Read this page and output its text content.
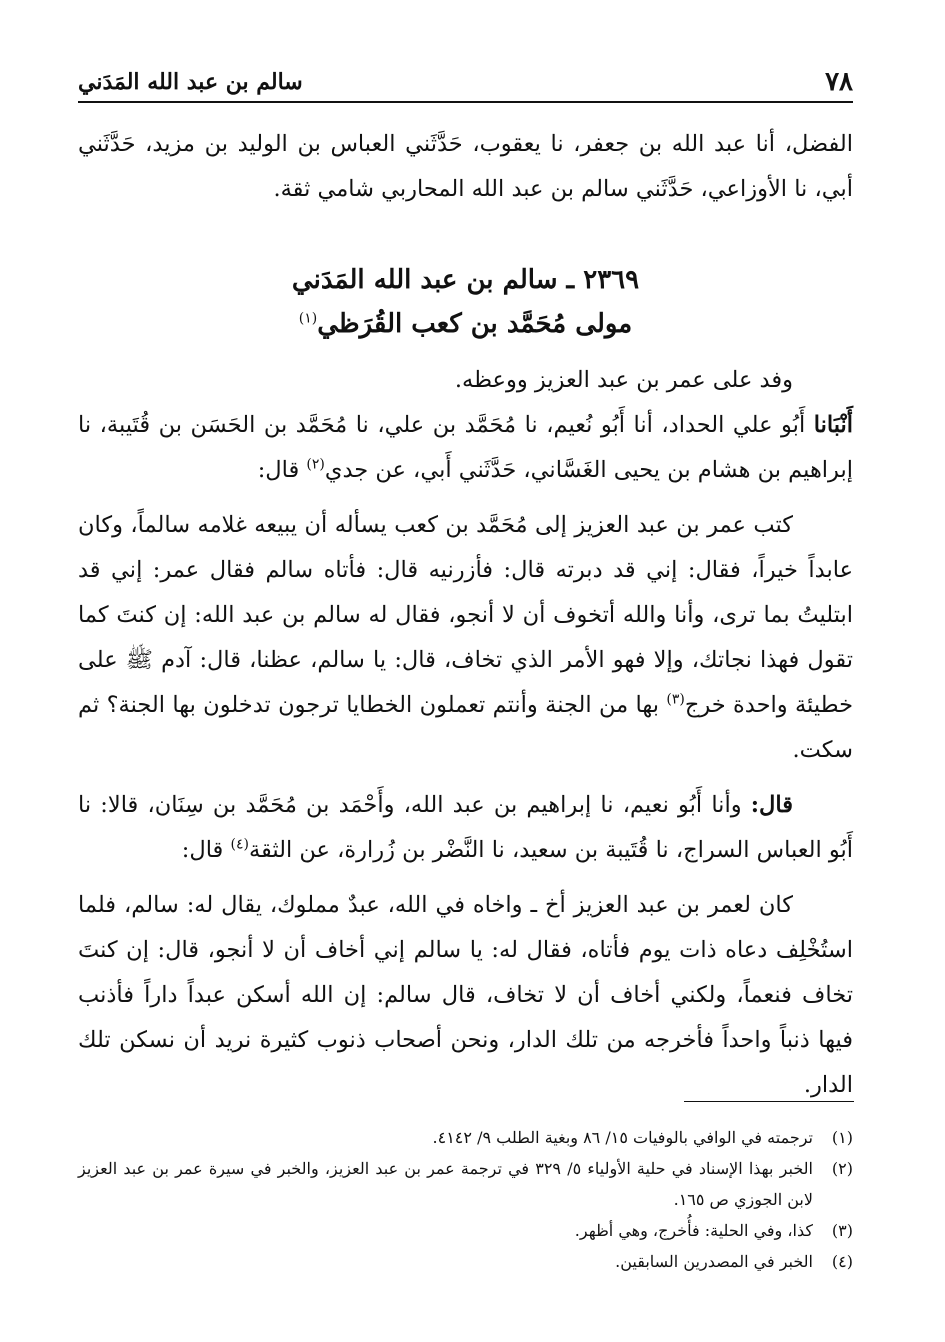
٧٨
سالم بن عبد الله المَدَني

الفضل، أنا عبد الله بن جعفر، نا يعقوب، حَدَّثَني العباس بن الوليد بن مزيد، حَدَّثَني أبي، نا الأوزاعي، حَدَّثَني سالم بن عبد الله المحاربي شامي ثقة.

٢٣٦٩ ـ سالم بن عبد الله المَدَني
مولى مُحَمَّد بن كعب القُرَظي$^{(١)}$

وفد على عمر بن عبد العزيز ووعظه.

أَنْبَانا أَبُو علي الحداد، أنا أَبُو نُعيم، نا مُحَمَّد بن علي، نا مُحَمَّد بن الحَسَن بن قُتَيبة، نا إبراهيم بن هشام بن يحيى الغَسَّاني، حَدَّثَني أَبي، عن جدي$^{(٢)}$ قال:

كتب عمر بن عبد العزيز إلى مُحَمَّد بن كعب يسأله أن يبيعه غلامه سالماً، وكان عابداً خيراً، فقال: إني قد دبرته قال: فأزرنيه قال: فأتاه سالم فقال عمر: إني قد ابتليتُ بما ترى، وأنا والله أتخوف أن لا أنجو، فقال له سالم بن عبد الله: إن كنتَ كما تقول فهذا نجاتك، وإلا فهو الأمر الذي تخاف، قال: يا سالم، عظنا، قال: آدم ﷺ على خطيئة واحدة خرج$^{(٣)}$ بها من الجنة وأنتم تعملون الخطايا ترجون تدخلون بها الجنة؟ ثم سكت.

قال: وأنا أَبُو نعيم، نا إبراهيم بن عبد الله، وأَحْمَد بن مُحَمَّد بن سِنَان، قالا: نا أَبُو العباس السراج، نا قُتَيبة بن سعيد، نا النَّضْر بن زُرارة، عن الثقة$^{(٤)}$ قال:

كان لعمر بن عبد العزيز أخ ـ واخاه في الله، عبدٌ مملوك، يقال له: سالم، فلما استُخْلِف دعاه ذات يوم فأتاه، فقال له: يا سالم إني أخاف أن لا أنجو، قال: إن كنتَ تخاف فنعماً، ولكني أخاف أن لا تخاف، قال سالم: إن الله أسكن عبداً داراً فأذنب فيها ذنباً واحداً فأخرجه من تلك الدار، ونحن أصحاب ذنوب كثيرة نريد أن نسكن تلك الدار.

(١)
ترجمته في الوافي بالوفيات ١٥/ ٨٦ وبغية الطلب ٩/ ٤١٤٢.
(٢)
الخبر بهذا الإسناد في حلية الأولياء ٥/ ٣٢٩ في ترجمة عمر بن عبد العزيز، والخبر في سيرة عمر بن عبد العزيز لابن الجوزي ص ١٦٥.
(٣)
كذا، وفي الحلية: فأُخرج، وهي أظهر.
(٤)
الخبر في المصدرين السابقين.
